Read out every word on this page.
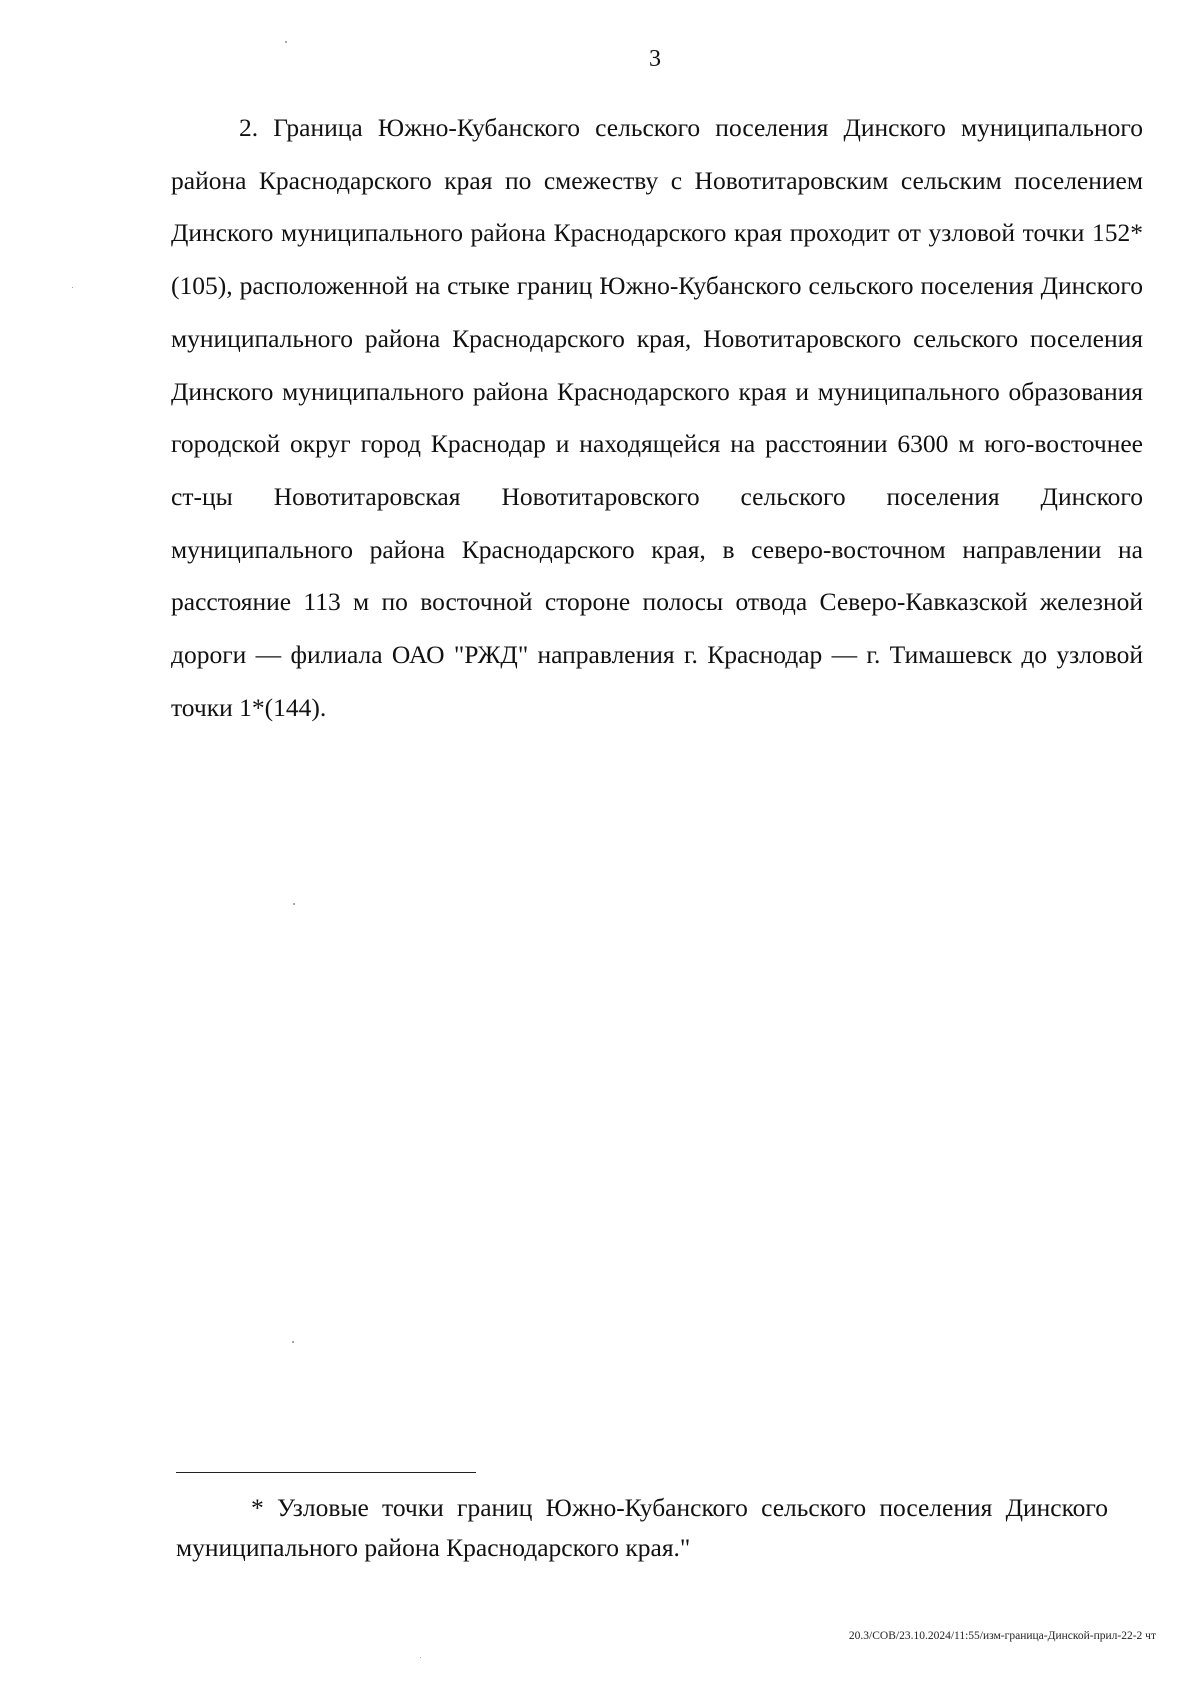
3

2. Граница Южно-Кубанского сельского поселения Динского муниципального района Краснодарского края по смежеству с Новотитаровским сельским поселением Динского муниципального района Краснодарского края проходит от узловой точки 152*(105), расположенной на стыке границ Южно-Кубанского сельского поселения Динского муниципального района Краснодарского края, Новотитаровского сельского поселения Динского муниципального района Краснодарского края и муниципального образования городской округ город Краснодар и находящейся на расстоянии 6300 м юго-восточнее ст-цы Новотитаровская Новотитаровского сельского поселения Динского муниципального района Краснодарского края, в северо-восточном направлении на расстояние 113 м по восточной стороне полосы отвода Северо-Кавказской железной дороги — филиала ОАО "РЖД" направления г. Краснодар — г. Тимашевск до узловой точки 1*(144).

* Узловые точки границ Южно-Кубанского сельского поселения Динского муниципального района Краснодарского края."

20.3/СОВ/23.10.2024/11:55/изм-граница-Динской-прил-22-2 чт
